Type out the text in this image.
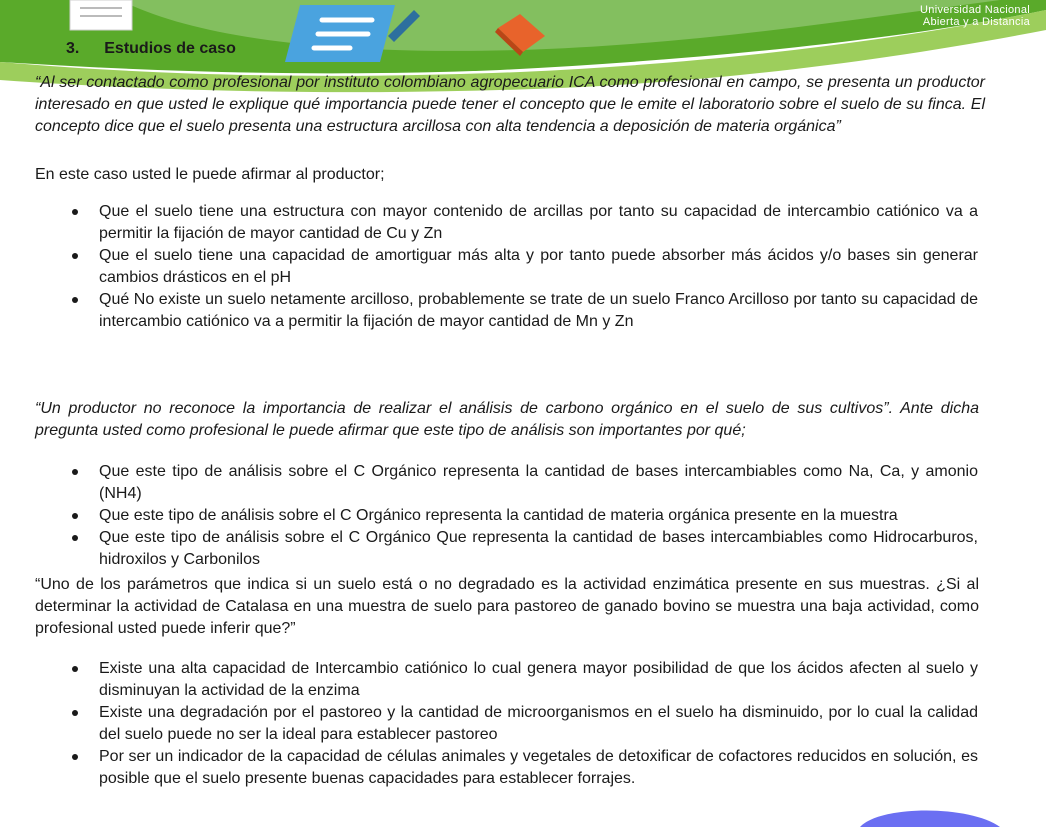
Universidad Nacional
Abierta y a Distancia
3. Estudios de caso

“Al ser contactado como profesional por instituto colombiano agropecuario ICA como profesional en campo, se presenta un productor interesado en que usted le explique qué importancia puede tener el concepto que le emite el laboratorio sobre el suelo de su finca. El concepto dice que el suelo presenta una estructura arcillosa con alta tendencia a deposición de materia orgánica”

En este caso usted le puede afirmar al productor;

Que el suelo tiene una estructura con mayor contenido de arcillas por tanto su capacidad de intercambio catiónico va a permitir la fijación de mayor cantidad de Cu y Zn
Que el suelo tiene una capacidad de amortiguar más alta y por tanto puede absorber más ácidos y/o bases sin generar cambios drásticos en el pH
Qué No existe un suelo netamente arcilloso, probablemente se trate de un suelo Franco Arcilloso por tanto su capacidad de intercambio catiónico va a permitir la fijación de mayor cantidad de Mn y Zn

“Un productor no reconoce la importancia de realizar el análisis de carbono orgánico en el suelo de sus cultivos”. Ante dicha pregunta usted como profesional le puede afirmar que este tipo de análisis son importantes por qué;

Que este tipo de análisis sobre el C Orgánico representa la cantidad de bases intercambiables como Na, Ca, y amonio (NH4)
Que este tipo de análisis sobre el C Orgánico representa la cantidad de materia orgánica presente en la muestra
Que este tipo de análisis sobre el C Orgánico Que representa la cantidad de bases intercambiables como Hidrocarburos, hidroxilos y Carbonilos

“Uno de los parámetros que indica si un suelo está o no degradado es la actividad enzimática presente en sus muestras. ¿Si al determinar la actividad de Catalasa en una muestra de suelo para pastoreo de ganado bovino se muestra una baja actividad, como profesional usted puede inferir que?”

Existe una alta capacidad de Intercambio catiónico lo cual genera mayor posibilidad de que los ácidos afecten al suelo y disminuyan la actividad de la enzima
Existe una degradación por el pastoreo y la cantidad de microorganismos en el suelo ha disminuido, por lo cual la calidad del suelo puede no ser la ideal para establecer pastoreo
Por ser un indicador de la capacidad de células animales y vegetales de detoxificar de cofactores reducidos en solución, es posible que el suelo presente buenas capacidades para establecer forrajes.
